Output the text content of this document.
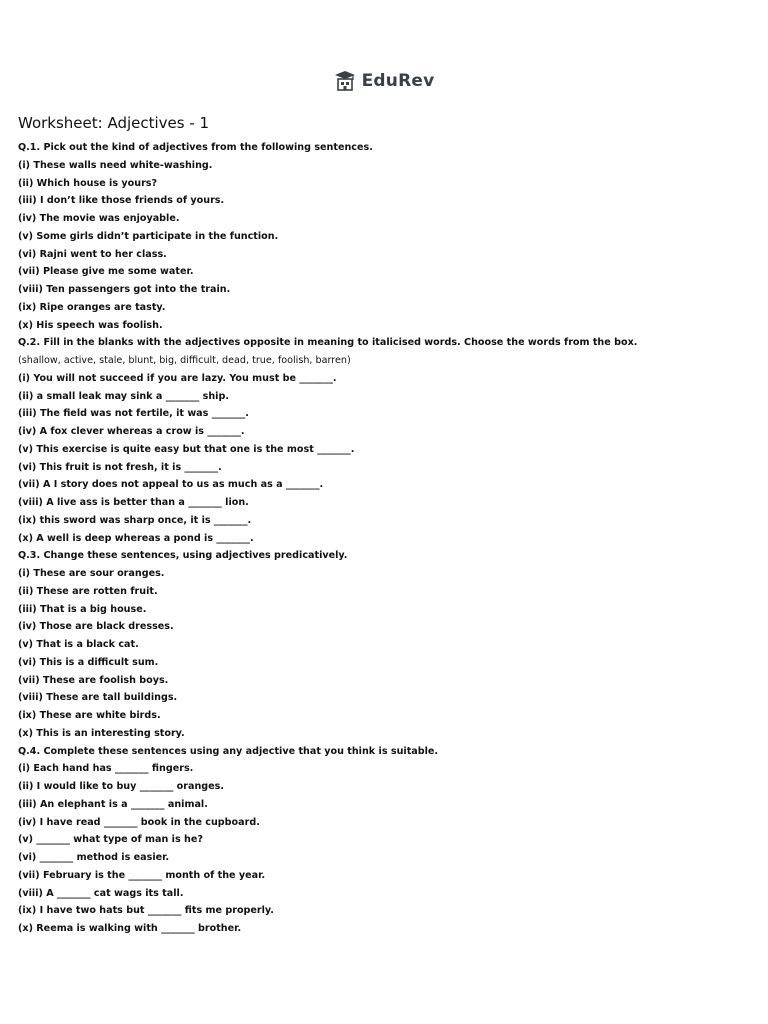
EduRev
Worksheet: Adjectives - 1
Q.1. Pick out the kind of adjectives from the following sentences.
(i) These walls need white-washing.
(ii) Which house is yours?
(iii) I don’t like those friends of yours.
(iv) The movie was enjoyable.
(v) Some girls didn’t participate in the function.
(vi) Rajni went to her class.
(vii) Please give me some water.
(viii) Ten passengers got into the train.
(ix) Ripe oranges are tasty.
(x) His speech was foolish.
Q.2. Fill in the blanks with the adjectives opposite in meaning to italicised words. Choose the words from the box.
(shallow, active, stale, blunt, big, difficult, dead, true, foolish, barren)
(i) You will not succeed if you are lazy. You must be _______.
(ii) a small leak may sink a _______ ship.
(iii) The field was not fertile, it was _______.
(iv) A fox clever whereas a crow is _______.
(v) This exercise is quite easy but that one is the most _______.
(vi) This fruit is not fresh, it is _______.
(vii) A I story does not appeal to us as much as a _______.
(viii) A live ass is better than a _______ lion.
(ix) this sword was sharp once, it is _______.
(x) A well is deep whereas a pond is _______.
Q.3. Change these sentences, using adjectives predicatively.
(i) These are sour oranges.
(ii) These are rotten fruit.
(iii) That is a big house.
(iv) Those are black dresses.
(v) That is a black cat.
(vi) This is a difficult sum.
(vii) These are foolish boys.
(viii) These are tall buildings.
(ix) These are white birds.
(x) This is an interesting story.
Q.4. Complete these sentences using any adjective that you think is suitable.
(i) Each hand has _______ fingers.
(ii) I would like to buy _______ oranges.
(iii) An elephant is a _______ animal.
(iv) I have read _______ book in the cupboard.
(v) _______ what type of man is he?
(vi) _______ method is easier.
(vii) February is the _______ month of the year.
(viii) A _______ cat wags its tall.
(ix) I have two hats but _______ fits me properly.
(x) Reema is walking with _______ brother.
